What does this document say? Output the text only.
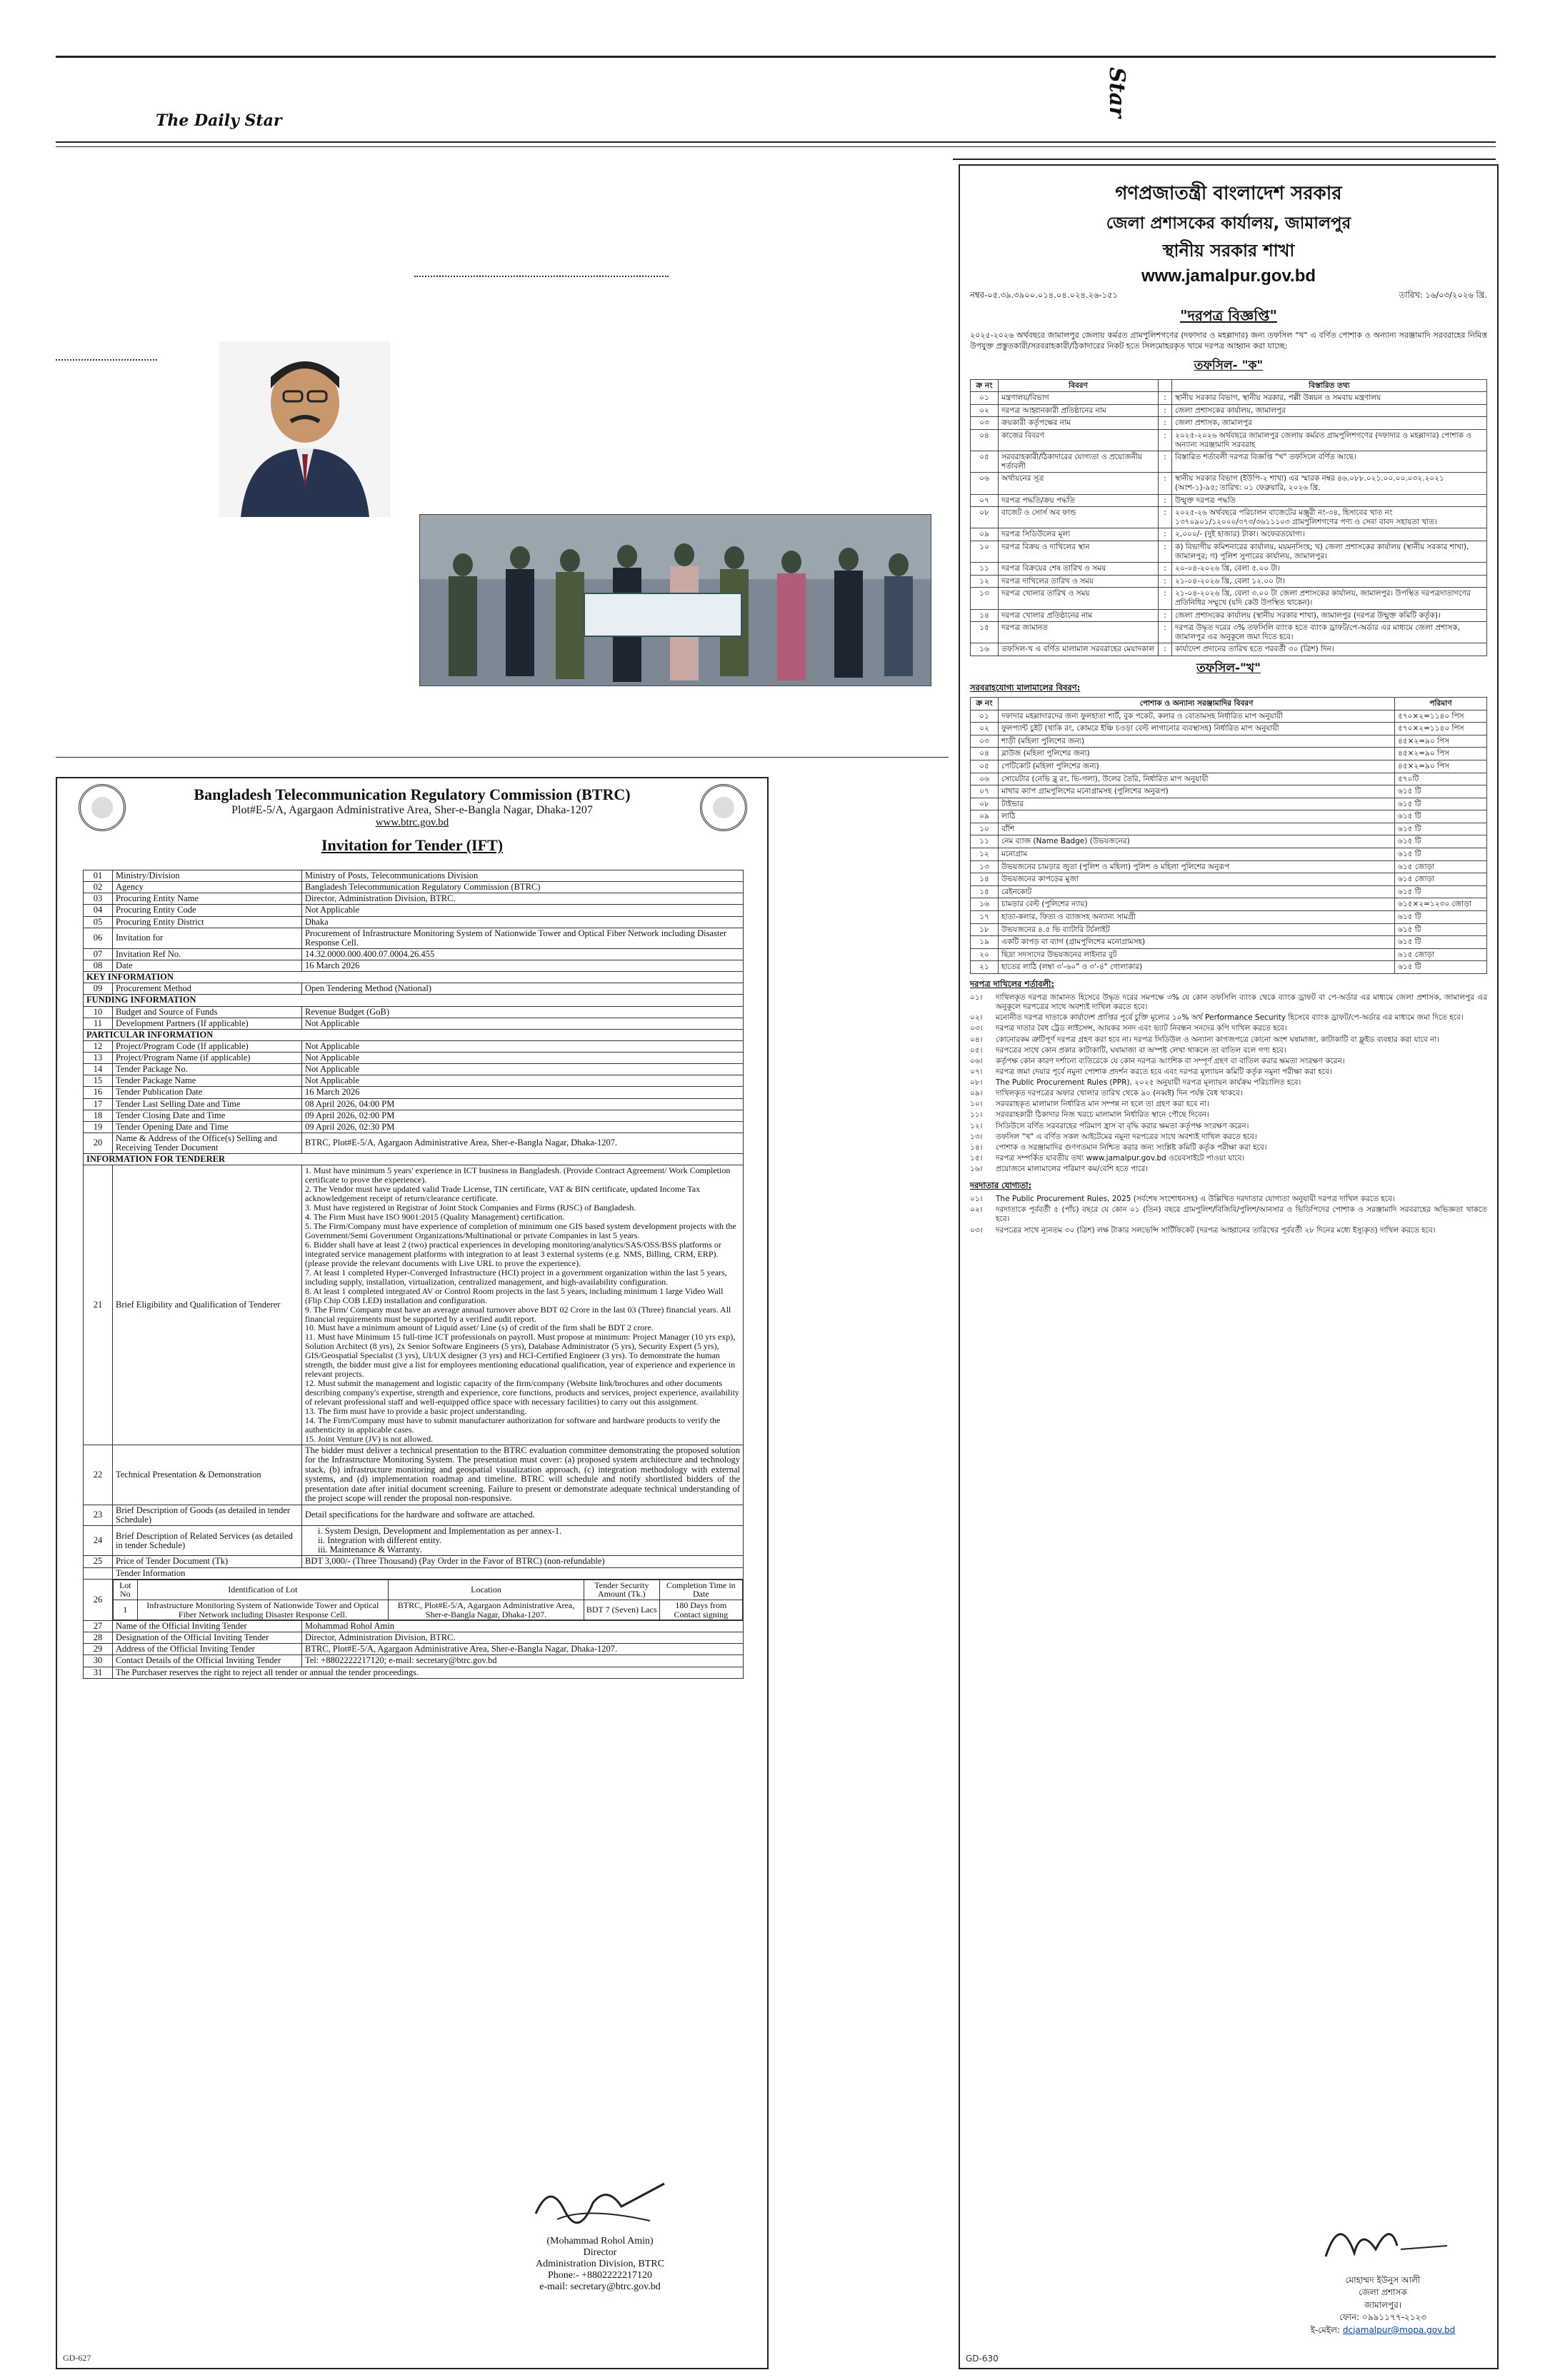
The Daily Star
Star
Bangladesh Telecommunication Regulatory Commission (BTRC)
Plot#E-5/A, Agargaon Administrative Area, Sher-e-Bangla Nagar, Dhaka-1207
www.btrc.gov.bd
Invitation for Tender (IFT)
01	Ministry/Division	Ministry of Posts, Telecommunications Division
02	Agency	Bangladesh Telecommunication Regulatory Commission (BTRC)
03	Procuring Entity Name	Director, Administration Division, BTRC.
04	Procuring Entity Code	Not Applicable
05	Procuring Entity District	Dhaka
06	Invitation for	Procurement of Infrastructure Monitoring System of Nationwide Tower and Optical Fiber Network including Disaster Response Cell.
07	Invitation Ref No.	14.32.0000.000.400.07.0004.26.455
08	Date	16 March 2026
KEY INFORMATION
09	Procurement Method	Open Tendering Method (National)
FUNDING INFORMATION
10	Budget and Source of Funds	Revenue Budget (GoB)
11	Development Partners (If applicable)	Not Applicable
PARTICULAR INFORMATION
12	Project/Program Code (If applicable)	Not Applicable
13	Project/Program Name (if applicable)	Not Applicable
14	Tender Package No.	Not Applicable
15	Tender Package Name	Not Applicable
16	Tender Publication Date	16 March 2026
17	Tender Last Selling Date and Time	08 April 2026, 04:00 PM
18	Tender Closing Date and Time	09 April 2026, 02:00 PM
19	Tender Opening Date and Time	09 April 2026, 02:30 PM
20	Name & Address of the Office(s) Selling and Receiving Tender Document	BTRC, Plot#E-5/A, Agargaon Administrative Area, Sher-e-Bangla Nagar, Dhaka-1207.
INFORMATION FOR TENDERER
21	Brief Eligibility and Qualification of Tenderer	
1. Must have minimum 5 years' experience in ICT business in Bangladesh. (Provide Contract Agreement/ Work Completion certificate to prove the experience).
2. The Vendor must have updated valid Trade License, TIN certificate, VAT & BIN certificate, updated Income Tax acknowledgement receipt of return/clearance certificate.
3. Must have registered in Registrar of Joint Stock Companies and Firms (RJSC) of Bangladesh.
4. The Firm Must have ISO 9001:2015 (Quality Management) certification.
5. The Firm/Company must have experience of completion of minimum one GIS based system development projects with the Government/Semi Government Organizations/Multinational or private Companies in last 5 years.
6. Bidder shall have at least 2 (two) practical experiences in developing monitoring/analytics/SAS/OSS/BSS platforms or integrated service management platforms with integration to at least 3 external systems (e.g. NMS, Billing, CRM, ERP). (please provide the relevant documents with Live URL to prove the experience).
7. At least 1 completed Hyper-Converged Infrastructure (HCI) project in a government organization within the last 5 years, including supply, installation, virtualization, centralized management, and high-availability configuration.
8. At least 1 completed integrated AV or Control Room projects in the last 5 years, including minimum 1 large Video Wall (Flip Chip COB LED) installation and configuration.
9. The Firm/ Company must have an average annual turnover above BDT 02 Crore in the last 03 (Three) financial years. All financial requirements must be supported by a verified audit report.
10. Must have a minimum amount of Liquid asset/ Line (s) of credit of the firm shall be BDT 2 crore.
11. Must have Minimum 15 full-time ICT professionals on payroll. Must propose at minimum: Project Manager (10 yrs exp), Solution Architect (8 yrs), 2x Senior Software Engineers (5 yrs), Database Administrator (5 yrs), Security Expert (5 yrs), GIS/Geospatial Specialist (3 yrs), UI/UX designer (3 yrs) and HCI-Certified Engineer (3 yrs). To demonstrate the human strength, the bidder must give a list for employees mentioning educational qualification, year of experience and experience in relevant projects.
12. Must submit the management and logistic capacity of the firm/company (Website link/brochures and other documents describing company's expertise, strength and experience, core functions, products and services, project experience, availability of relevant professional staff and well-equipped office space with necessary facilities) to carry out this assignment.
13. The firm must have to provide a basic project understanding.
14. The Firm/Company must have to submit manufacturer authorization for software and hardware products to verify the authenticity in applicable cases.
15. Joint Venture (JV) is not allowed.

22	Technical Presentation & Demonstration	The bidder must deliver a technical presentation to the BTRC evaluation committee demonstrating the proposed solution for the Infrastructure Monitoring System. The presentation must cover: (a) proposed system architecture and technology stack, (b) infrastructure monitoring and geospatial visualization approach, (c) integration methodology with external systems, and (d) implementation roadmap and timeline. BTRC will schedule and notify shortlisted bidders of the presentation date after initial document screening. Failure to present or demonstrate adequate technical understanding of the project scope will render the proposal non-responsive.
23	Brief Description of Goods (as detailed in tender Schedule)	Detail specifications for the hardware and software are attached.
24	Brief Description of Related Services (as detailed in tender Schedule)	
i. System Design, Development and Implementation as per annex-1.
ii. Integration with different entity.
iii. Maintenance & Warranty.

25	Price of Tender Document (Tk)	BDT 3,000/- (Three Thousand) (Pay Order in the Favor of BTRC) (non-refundable)
	Tender Information
26	
Lot No	Identification of Lot	Location	Tender Security Amount (Tk.)	Completion Time in Date
1	Infrastructure Monitoring System of Nationwide Tower and Optical Fiber Network including Disaster Response Cell.	BTRC, Plot#E-5/A, Agargaon Administrative Area, Sher-e-Bangla Nagar, Dhaka-1207.	BDT 7 (Seven) Lacs	180 Days from Contact signing

27	Name of the Official Inviting Tender	Mohammad Rohol Amin
28	Designation of the Official Inviting Tender	Director, Administration Division, BTRC.
29	Address of the Official Inviting Tender	BTRC, Plot#E-5/A, Agargaon Administrative Area, Sher-e-Bangla Nagar, Dhaka-1207.
30	Contact Details of the Official Inviting Tender	Tel: +8802222217120; e-mail: secretary@btrc.gov.bd
31	The Purchaser reserves the right to reject all tender or annual the tender proceedings.
(Mohammad Rohol Amin)
Director
Administration Division, BTRC
Phone:- +8802222217120
e-mail: secretary@btrc.gov.bd
GD-627
গণপ্রজাতন্ত্রী বাংলাদেশ সরকার
জেলা প্রশাসকের কার্যালয়, জামালপুর
স্থানীয় সরকার শাখা
www.jamalpur.gov.bd
নম্বর-০৫.৩৯.৩৯০০.০১৪.০৪.০২৪.২৬-১৫১	তারিখ: ১৬/০৩/২০২৬ খ্রি.
"দরপত্র বিজ্ঞপ্তি"
২০২৫-২০২৬ অর্থবছরে জামালপুর জেলায় কর্মরত গ্রামপুলিশগণের (দফাদার ও মহল্লাদার) জন্য তফসিল "খ" এ বর্ণিত পোশাক ও অন্যান্য সরঞ্জামাদি সরবরাহের নিমিত্ত উপযুক্ত প্রস্তুতকারী/সরবরাহকারী/ঠিকাদারের নিকট হতে সিলমোহরকৃত খামে দরপত্র আহ্বান করা যাচ্ছে:
তফসিল- "ক"
ক্র নং	বিবরণ		বিস্তারিত তথ্য
০১	মন্ত্রণালয়/বিভাগ	:	স্থানীয় সরকার বিভাগ, স্থানীয় সরকার, পল্লী উন্নয়ন ও সমবায় মন্ত্রণালয়
০২	দরপত্র আহ্বানকারী প্রতিষ্ঠানের নাম	:	জেলা প্রশাসকের কার্যালয়, জামালপুর
০৩	ক্রয়কারী কর্তৃপক্ষের নাম	:	জেলা প্রশাসক, জামালপুর
০৪	কাজের বিবরণ	:	২০২৫-২০২৬ অর্থবছরে জামালপুর জেলায় কর্মরত গ্রামপুলিশগণের (দফাদার ও মহল্লাদার) পোশাক ও অন্যান্য সরঞ্জামাদি সরবরাহ
০৫	সরবরাহকারী/ঠিকাদারের যোগ্যতা ও প্রয়োজনীয় শর্তাবলী	:	বিস্তারিত শর্তাবলী দরপত্র বিজ্ঞপ্তি "খ" তফসিলে বর্ণিত আছে।
০৬	অর্থায়নের সূত্র	:	স্থানীয় সরকার বিভাগ (ইউপি-২ শাখা) এর স্মারক নম্বর ৪৬.০৮৮.০২১.০০.০০.০৩২.২০২১ (অংশ-১)-৯৫; তারিখ: ০১ ফেব্রুয়ারি, ২০২৬ খ্রি.
০৭	দরপত্র পদ্ধতি/ক্রয় পদ্ধতি	:	উন্মুক্ত দরপত্র পদ্ধতি
০৮	বাজেট ও সোর্স অব ফান্ড	:	২০২৫-২৬ অর্থবছরে পরিচালন বাজেটের মঞ্জুরী নং-৩৪, হিসাবের খাত নং ১৩৭০৯০১/১২০০০/৩৭৩/৩৬১১১০৩ গ্রামপুলিশগণের পণ্য ও সেবা বাবদ সহায়তা খাত।
০৯	দরপত্র সিডিউলের মূল্য	:	২,০০০/- (দুই হাজার) টাকা। অফেরতযোগ্য।
১০	দরপত্র বিক্রয় ও দাখিলের স্থান	:	ক) বিভাগীয় কমিশনারের কার্যালয়, ময়মনসিংহ; খ) জেলা প্রশাসকের কার্যালয় (স্থানীয় সরকার শাখা), জামালপুর; গ) পুলিশ সুপারের কার্যালয়, জামালপুর।
১১	দরপত্র বিক্রয়ের শেষ তারিখ ও সময়	:	২০-০৪-২০২৬ খ্রি, বেলা ৫.০০ টা।
১২	দরপত্র দাখিলের তারিখ ও সময়	:	২১-০৪-২০২৬ খ্রি, বেলা ১২.০০ টা।
১৩	দরপত্র খোলার তারিখ ও সময়	:	২১-০৪-২০২৬ খ্রি, বেলা ৩.০০ টা জেলা প্রশাসকের কার্যালয়, জামালপুর। উপস্থিত দরপত্রদাতাগণের প্রতিনিধির সম্মুখে (যদি কেউ উপস্থিত থাকেন)।
১৪	দরপত্র খোলার প্রতিষ্ঠানের নাম	:	জেলা প্রশাসকের কার্যালয় (স্থানীয় সরকার শাখা), জামালপুর (দরপত্র উন্মুক্ত কমিটি কর্তৃক)।
১৫	দরপত্র জামানত	:	দরপত্র উদ্ধৃত দরের ৩% তফসিলি ব্যাংক হতে ব্যাংক ড্রাফট/পে-অর্ডার এর মাধ্যমে জেলা প্রশাসক, জামালপুর এর অনুকূলে জমা দিতে হবে।
১৬	তফসিল-খ এ বর্ণিত মালামাল সরবরাহের মেয়াদকাল	:	কার্যাদেশ প্রদানের তারিখ হতে পরবর্তী ৩০ (ত্রিশ) দিন।
তফসিল-"খ"
সরবরাহযোগ্য মালামালের বিবরণ:
ক্র নং	পোশাক ও অন্যান্য সরঞ্জামাদির বিবরণ	পরিমাণ
০১	দফাদার মহল্লাদারদের জন্য ফুলহাতা শার্ট, বুক পকেট, কলার ও বোতামসহ নির্ধারিত মাপ অনুযায়ী	৫৭০×২=১১৪০ পিস
০২	ফুলপ্যান্ট চুইট (খাকি রং, কোমরে ইঞ্চি চওড়া বেল্ট লাগানোর ব্যবস্থাসহ) নির্ধারিত মাপ অনুযায়ী	৫৭০×২=১১৪০ পিস
০৩	শাড়ী (মহিলা পুলিশের জন্য)	৪৫×২=৯০ পিস
০৪	ব্লাউজ (মহিলা পুলিশের জন্য)	৪৫×২=৯০ পিস
০৫	পেটিকোট (মহিলা পুলিশের জন্য)	৪৫×২=৯০ পিস
০৬	সোয়েটার (নেভি ব্লু রং, ভি-গলা), উলের তৈরি, নির্ধারিত মাপ অনুযায়ী	৫৭০টি
০৭	মাথার ক্যাপ গ্রামপুলিশের মনোগ্রামসহ (পুলিশের অনুরূপ)	৬১৫ টি
০৮	টাইভার	৬১৫ টি
০৯	লাঠি	৬১৫ টি
১০	বাঁশি	৬১৫ টি
১১	নেম ব্যাজ (Name Badge) (উভয়জনের)	৬১৫ টি
১২	মনোগ্রাম	৬১৫ টি
১৩	উভয়জনের চামড়ার জুতা (পুলিশ ও মহিলা) পুলিশ ও মহিলা পুলিশের অনুরূপ	৬১৫ জোড়া
১৪	উভয়জনের কাপড়ের মুজা	৬১৫ জোড়া
১৫	রেইনকোট	৬১৫ টি
১৬	চামড়ার বেল্ট (পুলিশের ন্যায়)	৬১৫×২=১২৩০ জোড়া
১৭	হাতা-কলার, ফিতা ও ব্যাজসহ অন্যান্য সামগ্রী	৬১৫ টি
১৮	উভয়জনের ৪.৫ ভি ব্যাটারি টর্চলাইট	৬১৫ টি
১৯	একটি কাপড় বা ব্যাগ (গ্রামপুলিশের মনোগ্রামসহ)	৬১৫ টি
২০	ছিদ্রা সদস্যদের উভয়জনের লাইনার বুট	৬১৫ জোড়া
২১	হাতের লাঠি (লম্বা ৩'-৬০" ও ৩'-৪" গোলাকার)	৬১৫ টি
দরপত্র দাখিলের শর্তাবলী:
০১।	দাখিলকৃত দরপত্র জামানত হিসেবে উদ্ধৃত দরের সমপক্ষে ৩% যে কোন তফসিলি ব্যাংক থেকে ব্যাংক ড্রাফট বা পে-অর্ডার এর মাধ্যমে জেলা প্রশাসক, জামালপুর এর অনুকূলে দরপত্রের সাথে অবশ্যই দাখিল করতে হবে।
০২।	মনোনীত দরপত্র দাতাকে কার্যাদেশ প্রাপ্তির পূর্বে চুক্তি মূল্যের ১০% অর্থ Performance Security হিসেবে ব্যাংক ড্রাফট/পে-অর্ডার এর মাধ্যমে জমা দিতে হবে।
০৩।	দরপত্র দাতার বৈধ ট্রেড লাইসেন্স, আয়কর সনদ এবং ভ্যাট নিবন্ধন সনদের কপি দাখিল করতে হবে।
০৪।	কোনোরকম ত্রুটিপূর্ণ দরপত্র গ্রহণ করা হবে না। দরপত্র সিডিউল ও অন্যান্য কাগজপত্রে কোনো অংশ ঘষামাজা, কাটাকাটি বা ফ্লুইড ব্যবহার করা যাবে না।
০৫।	দরপত্রের সাথে কোন প্রকার কাটাকাটি, ঘষামাজা বা অস্পষ্ট লেখা থাকলে তা বাতিল বলে গণ্য হবে।
০৬।	কর্তৃপক্ষ কোন কারণ দর্শানো ব্যতিরেকে যে কোন দরপত্র আংশিক বা সম্পূর্ণ গ্রহণ বা বাতিল করার ক্ষমতা সংরক্ষণ করেন।
০৭।	দরপত্র জমা দেয়ার পূর্বে নমুনা পোশাক প্রদর্শন করতে হবে এবং দরপত্র মূল্যায়ন কমিটি কর্তৃক নমুনা পরীক্ষা করা হবে।
০৮।	The Public Procurement Rules (PPR), ২০২৫ অনুযায়ী দরপত্র মূল্যায়ন কার্যক্রম পরিচালিত হবে।
০৯।	দাখিলকৃত দরপত্রের অফার খোলার তারিখ থেকে ৯০ (নব্বই) দিন পর্যন্ত বৈধ থাকবে।
১০।	সরবরাহকৃত মালামাল নির্ধারিত মান সম্পন্ন না হলে তা গ্রহণ করা হবে না।
১১।	সরবরাহকারী ঠিকাদার নিজ খরচে মালামাল নির্ধারিত স্থানে পৌছে দিবেন।
১২।	সিডিউলে বর্ণিত সরবরাহের পরিমাণ হ্রাস বা বৃদ্ধি করার ক্ষমতা কর্তৃপক্ষ সংরক্ষণ করেন।
১৩।	তফসিল "খ" এ বর্ণিত সকল আইটেমের নমুনা দরপত্রের সাথে অবশ্যই দাখিল করতে হবে।
১৪।	পোশাক ও সরঞ্জামাদির গুণগতমান নিশ্চিত করার জন্য সংশ্লিষ্ট কমিটি কর্তৃক পরীক্ষা করা হবে।
১৫।	দরপত্র সম্পর্কিত যাবতীয় তথ্য www.jamalpur.gov.bd ওয়েবসাইটে পাওয়া যাবে।
১৬।	প্রয়োজনে মালামালের পরিমাণ কম/বেশি হতে পারে।
দরদাতার যোগ্যতা:
০১।	The Public Procurement Rules, 2025 (সর্বশেষ সংশোধনসহ) এ উল্লিখিত দরদাতার যোগ্যতা অনুযায়ী দরপত্র দাখিল করতে হবে।
০২।	দরদাতাকে পূর্ববর্তী ৫ (পাঁচ) বছরে যে কোন ০১ (তিন) বছরে গ্রামপুলিশ/বিজিবি/পুলিশ/আনসার ও ভিডিপিদের পোশাক ও সরঞ্জামাদি সরবরাহের অভিজ্ঞতা থাকতে হবে।
০৩।	দরপত্রের সাথে ন্যূনতম ৩০ (ত্রিশ) লক্ষ টাকার সলভেন্সি সার্টিফিকেট (দরপত্র আহ্বানের তারিখের পূর্ববর্তী ২৮ দিনের মধ্যে ইস্যুকৃত) দাখিল করতে হবে।
মোহাম্মদ ইউনুস আলী
জেলা প্রশাসক
জামালপুর।
ফোন: ০৯৯১১৭৭-২১২৩
ই-মেইল: dcjamalpur@mopa.gov.bd
GD-630
